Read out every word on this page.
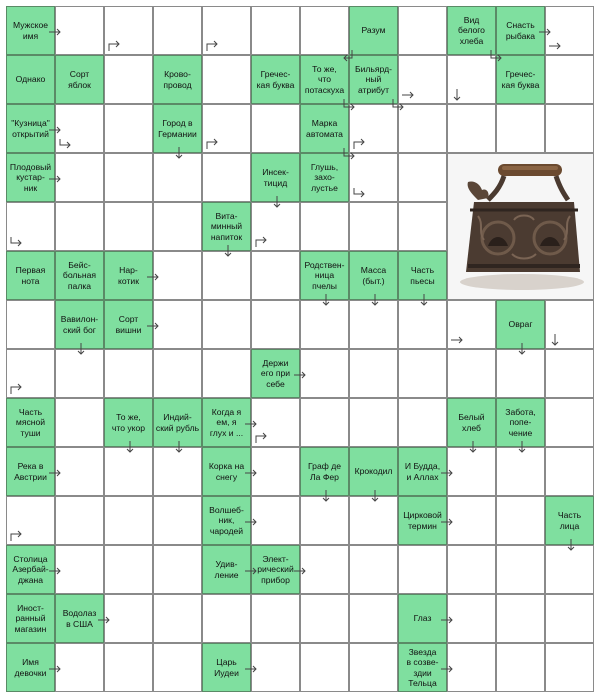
Мужское
имя
Разум
Вид
белого
хлеба
Снасть
рыбака
Однако
Сорт
яблок
Крово-
провод
Гречес-
кая буква
То же,
что
потаскуха
Бильярд-
ный
атрибут
Гречес-
кая буква
"Кузница"
открытий
Город в
Германии
Марка
автомата
Плодовый
кустар-
ник
Инсек-
тицид
Глушь,
захо-
лустье
Вита-
минный
напиток
Первая
нота
Бейс-
больная
палка
Нар-
котик
Родствен-
ница
пчелы
Масса
(быт.)
Часть
пьесы
Вавилон-
ский бог
Сорт
вишни
Овраг
Держи
его при
себе
Часть
мясной
туши
То же,
что укор
Индий-
ский рубль
Когда я
ем, я
глух и ...
Белый
хлеб
Забота,
попе-
чение
Река в
Австрии
Корка на
снегу
Граф де
Ла Фер
Крокодил
И Будда,
и Аллах
Волшеб-
ник,
чародей
Цирковой
термин
Часть
лица
Столица
Азербай-
джана
Удив-
ление
Элект-
рический
прибор
Иност-
ранный
магазин
Водолаз
в США
Глаз
Имя
девочки
Царь
Иудеи
Звезда
в созве-
здии
Тельца
